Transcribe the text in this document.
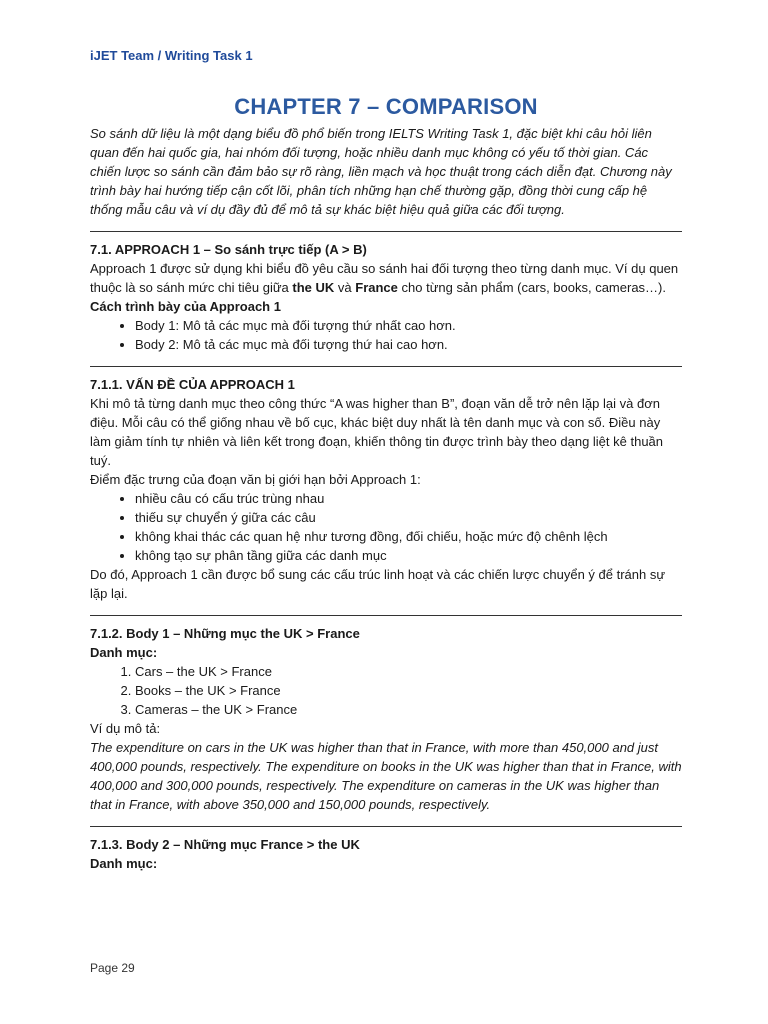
iJET Team / Writing Task 1
CHAPTER 7 – COMPARISON

So sánh dữ liệu là một dạng biểu đồ phổ biến trong IELTS Writing Task 1, đặc biệt khi câu hỏi liên quan đến hai quốc gia, hai nhóm đối tượng, hoặc nhiều danh mục không có yếu tố thời gian. Các chiến lược so sánh cần đảm bảo sự rõ ràng, liền mạch và học thuật trong cách diễn đạt. Chương này trình bày hai hướng tiếp cận cốt lõi, phân tích những hạn chế thường gặp, đồng thời cung cấp hệ thống mẫu câu và ví dụ đầy đủ để mô tả sự khác biệt hiệu quả giữa các đối tượng.

7.1. APPROACH 1 – So sánh trực tiếp (A > B)

Approach 1 được sử dụng khi biểu đồ yêu cầu so sánh hai đối tượng theo từng danh mục. Ví dụ quen thuộc là so sánh mức chi tiêu giữa the UK và France cho từng sản phẩm (cars, books, cameras…).

Cách trình bày của Approach 1

• Body 1: Mô tả các mục mà đối tượng thứ nhất cao hơn.
• Body 2: Mô tả các mục mà đối tượng thứ hai cao hơn.

7.1.1. VẤN ĐỀ CỦA APPROACH 1

Khi mô tả từng danh mục theo công thức “A was higher than B”, đoạn văn dễ trở nên lặp lại và đơn điệu. Mỗi câu có thể giống nhau về bố cục, khác biệt duy nhất là tên danh mục và con số. Điều này làm giảm tính tự nhiên và liên kết trong đoạn, khiến thông tin được trình bày theo dạng liệt kê thuần tuý.

Điểm đặc trưng của đoạn văn bị giới hạn bởi Approach 1:

• nhiều câu có cấu trúc trùng nhau
• thiếu sự chuyển ý giữa các câu
• không khai thác các quan hệ như tương đồng, đối chiếu, hoặc mức độ chênh lệch
• không tạo sự phân tầng giữa các danh mục

Do đó, Approach 1 cần được bổ sung các cấu trúc linh hoạt và các chiến lược chuyển ý để tránh sự lặp lại.

7.1.2. Body 1 – Những mục the UK > France

Danh mục:

1. Cars – the UK > France
2. Books – the UK > France
3. Cameras – the UK > France

Ví dụ mô tả:

The expenditure on cars in the UK was higher than that in France, with more than 450,000 and just 400,000 pounds, respectively. The expenditure on books in the UK was higher than that in France, with 400,000 and 300,000 pounds, respectively. The expenditure on cameras in the UK was higher than that in France, with above 350,000 and 150,000 pounds, respectively.

7.1.3. Body 2 – Những mục France > the UK

Danh mục:

Page 29
